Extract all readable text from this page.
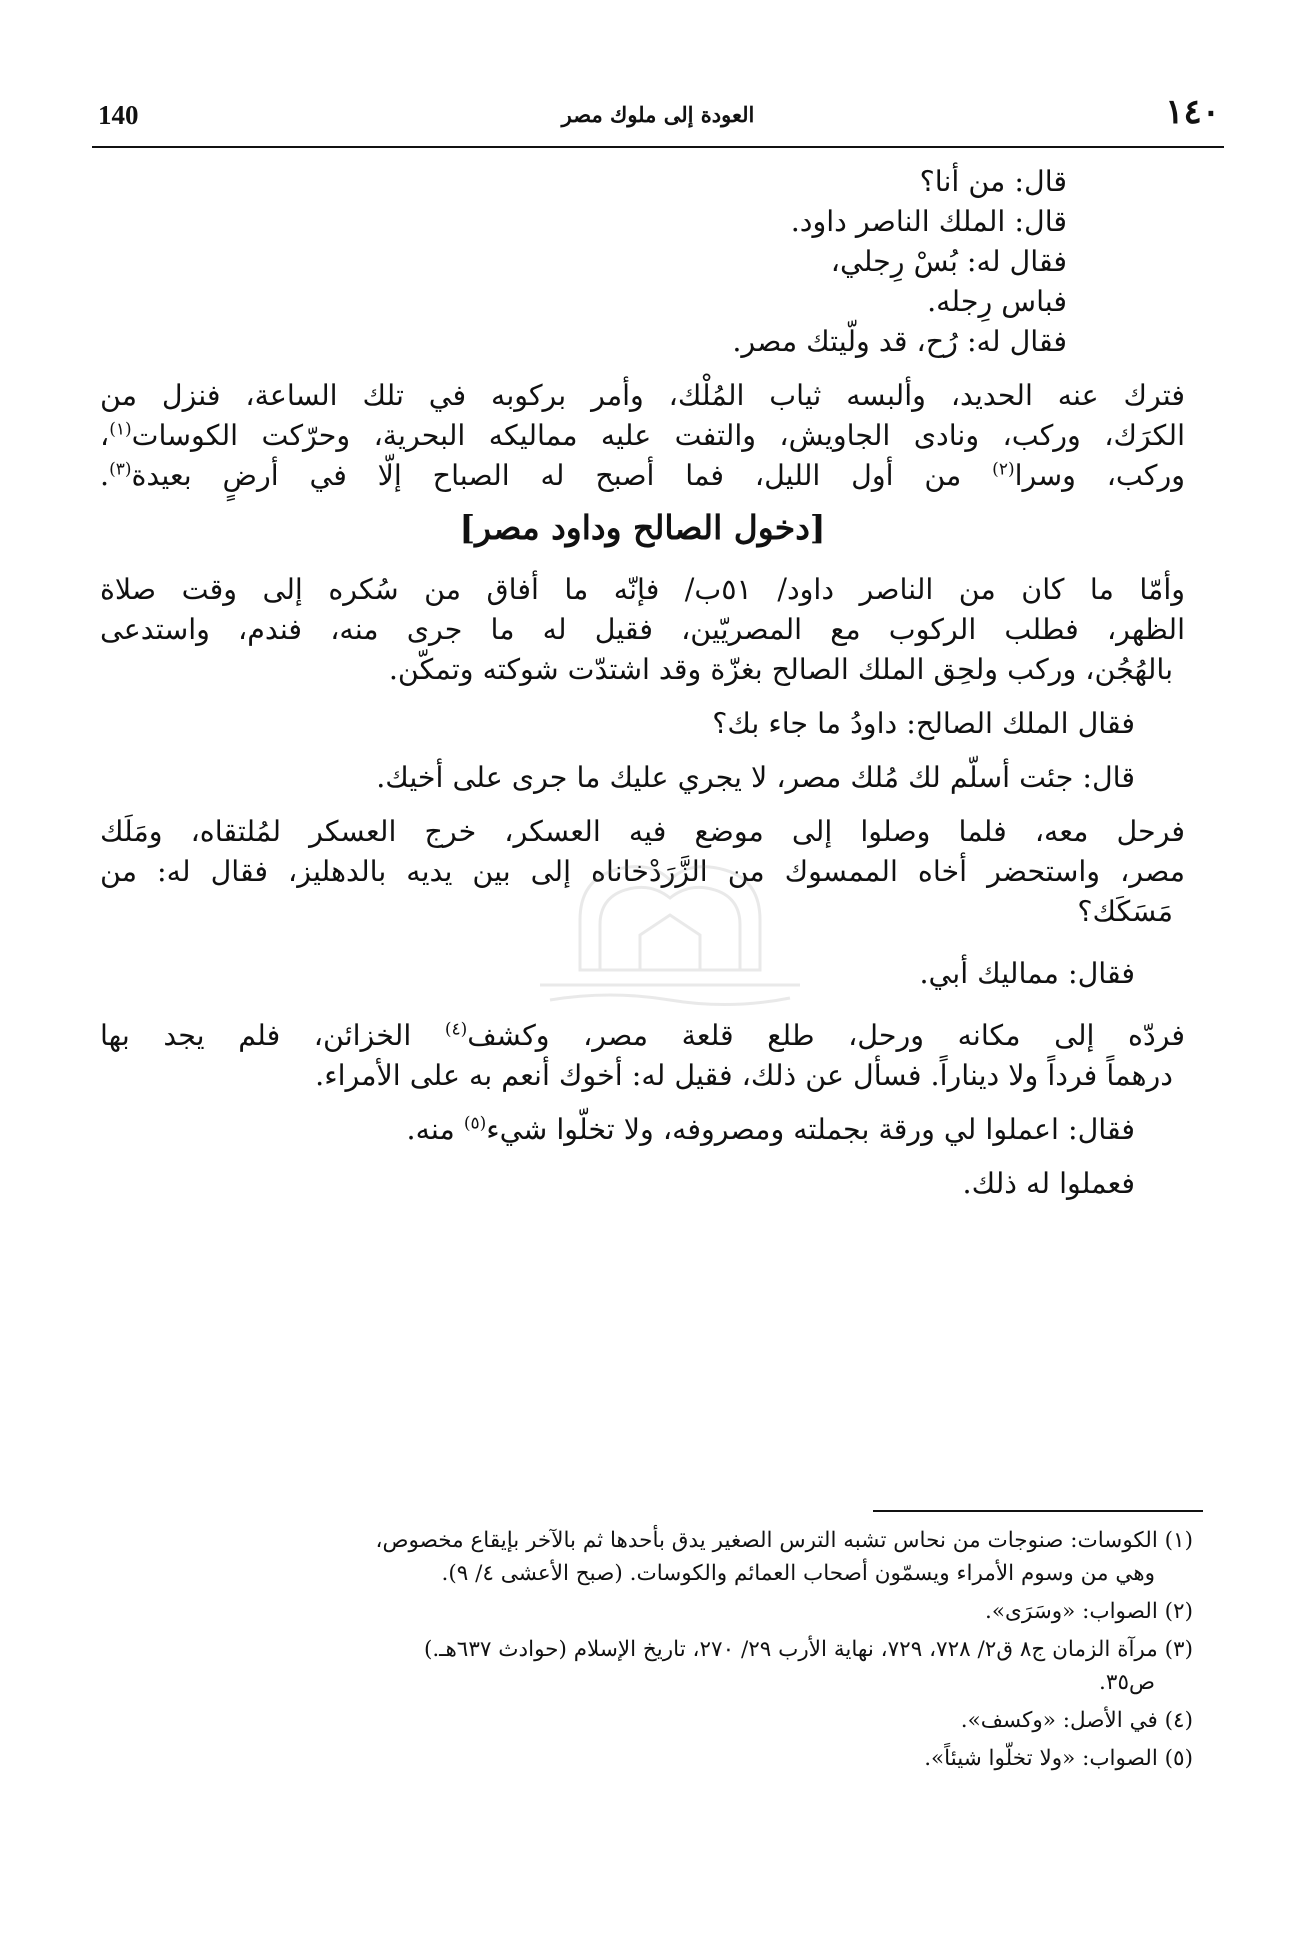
140	العودة إلى ملوك مصر	١٤٠
قال: من أنا؟
قال: الملك الناصر داود.
فقال له: بُسْ رِجلي،
فباس رِجله.
فقال له: رُح، قد ولّيتك مصر.
فترك عنه الحديد، وألبسه ثياب المُلْك، وأمر بركوبه في تلك الساعة، فنزل من
الكرَك، وركب، ونادى الجاويش، والتفت عليه مماليكه البحرية، وحرّكت الكوسات$^{(١)}$،
وركب، وسرا$^{(٢)}$ من أول الليل، فما أصبح له الصباح إلّا في أرضٍ بعيدة$^{(٣)}$.
[دخول الصالح وداود مصر]
وأمّا ما كان من الناصر داود/ ٥١ب/ فإنّه ما أفاق من سُكره إلى وقت صلاة
الظهر، فطلب الركوب مع المصريّين، فقيل له ما جرى منه، فندم، واستدعى
بالهُجُن، وركب ولحِق الملك الصالح بغزّة وقد اشتدّت شوكته وتمكّن.
فقال الملك الصالح: داودُ ما جاء بك؟
قال: جئت أسلّم لك مُلك مصر، لا يجري عليك ما جرى على أخيك.
فرحل معه، فلما وصلوا إلى موضع فيه العسكر، خرج العسكر لمُلتقاه، ومَلَك
مصر، واستحضر أخاه الممسوك من الزَّرَدْخاناه إلى بين يديه بالدهليز، فقال له: من
مَسَكَك؟
فقال: مماليك أبي.
فردّه إلى مكانه ورحل، طلع قلعة مصر، وكشف$^{(٤)}$ الخزائن، فلم يجد بها
درهماً فرداً ولا ديناراً. فسأل عن ذلك، فقيل له: أخوك أنعم به على الأمراء.
فقال: اعملوا لي ورقة بجملته ومصروفه، ولا تخلّوا شيء$^{(٥)}$ منه.
فعملوا له ذلك.
(١) الكوسات: صنوجات من نحاس تشبه الترس الصغير يدق بأحدها ثم بالآخر بإيقاع مخصوص،
وهي من وسوم الأمراء ويسمّون أصحاب العمائم والكوسات. (صبح الأعشى ٤/ ٩).
(٢) الصواب: «وسَرَى».
(٣) مرآة الزمان ج٨ ق٢/ ٧٢٨، ٧٢٩، نهاية الأرب ٢٩/ ٢٧٠، تاريخ الإسلام (حوادث ٦٣٧هـ.)
ص٣٥.
(٤) في الأصل: «وكسف».
(٥) الصواب: «ولا تخلّوا شيئاً».
